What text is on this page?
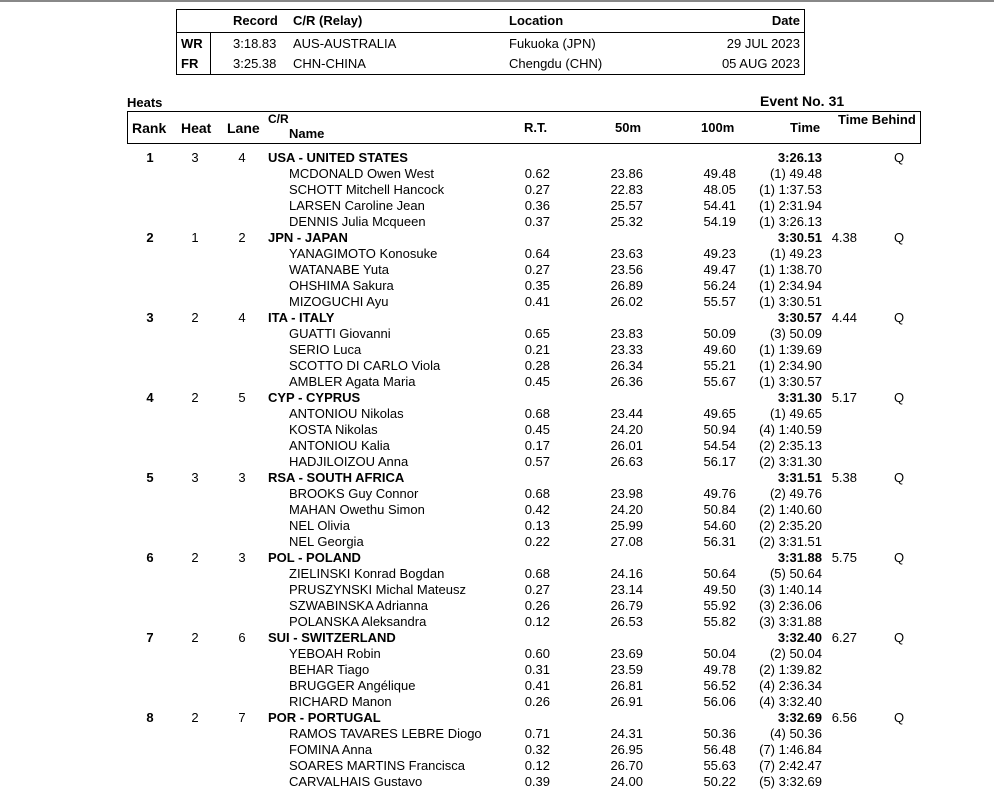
Record C/R (Relay)	Location	Date
WR 3:18.83 AUS-AUSTRALIA	Fukuoka (JPN)	29 JUL 2023
FR	3:25.38 CHN-CHINA	Chengdu (CHN)	05 AUG 2023
Heats	Event No. 31
Rank Heat Lane
C/R
Name	R.T.	50m	100m	Time
Time Behind
1	3	4	USA - UNITED STATES	3:26.13	Q
MCDONALD Owen West	0.62	23.86	49.48	(1) 49.48
SCHOTT Mitchell Hancock	0.27	22.83	48.05 (1) 1:37.53
LARSEN Caroline Jean	0.36	25.57	54.41 (1) 2:31.94
DENNIS Julia Mcqueen	0.37	25.32	54.19 (1) 3:26.13
2	1	2	JPN - JAPAN	3:30.51 4.38	Q
YANAGIMOTO Konosuke	0.64	23.63	49.23	(1) 49.23
WATANABE Yuta	0.27	23.56	49.47 (1) 1:38.70
OHSHIMA Sakura	0.35	26.89	56.24 (1) 2:34.94
MIZOGUCHI Ayu	0.41	26.02	55.57 (1) 3:30.51
3	2	4	ITA - ITALY	3:30.57 4.44	Q
GUATTI Giovanni	0.65	23.83	50.09	(3) 50.09
SERIO Luca	0.21	23.33	49.60 (1) 1:39.69
SCOTTO DI CARLO Viola	0.28	26.34	55.21 (1) 2:34.90
AMBLER Agata Maria	0.45	26.36	55.67 (1) 3:30.57
4	2	5	CYP - CYPRUS	3:31.30 5.17	Q
ANTONIOU Nikolas	0.68	23.44	49.65	(1) 49.65
KOSTA Nikolas	0.45	24.20	50.94 (4) 1:40.59
ANTONIOU Kalia	0.17	26.01	54.54 (2) 2:35.13
HADJILOIZOU Anna	0.57	26.63	56.17 (2) 3:31.30
5	3	3	RSA - SOUTH AFRICA	3:31.51 5.38	Q
BROOKS Guy Connor	0.68	23.98	49.76	(2) 49.76
MAHAN Owethu Simon	0.42	24.20	50.84 (2) 1:40.60
NEL Olivia	0.13	25.99	54.60 (2) 2:35.20
NEL Georgia	0.22	27.08	56.31 (2) 3:31.51
6	2	3	POL - POLAND	3:31.88 5.75	Q
ZIELINSKI Konrad Bogdan	0.68	24.16	50.64	(5) 50.64
PRUSZYNSKI Michal Mateusz	0.27	23.14	49.50 (3) 1:40.14
SZWABINSKA Adrianna	0.26	26.79	55.92 (3) 2:36.06
POLANSKA Aleksandra	0.12	26.53	55.82 (3) 3:31.88
7	2	6	SUI - SWITZERLAND	3:32.40 6.27	Q
YEBOAH Robin	0.60	23.69	50.04	(2) 50.04
BEHAR Tiago	0.31	23.59	49.78 (2) 1:39.82
BRUGGER Angélique	0.41	26.81	56.52 (4) 2:36.34
RICHARD Manon	0.26	26.91	56.06 (4) 3:32.40
8	2	7	POR - PORTUGAL	3:32.69 6.56	Q
RAMOS TAVARES LEBRE Diogo	0.71	24.31	50.36	(4) 50.36
FOMINA Anna	0.32	26.95	56.48 (7) 1:46.84
SOARES MARTINS Francisca	0.12	26.70	55.63 (7) 2:42.47
CARVALHAIS Gustavo	0.39	24.00	50.22 (5) 3:32.69
